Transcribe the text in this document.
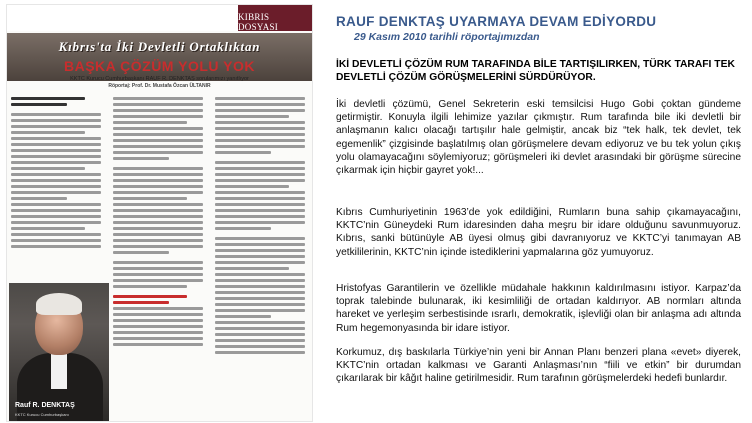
KIBRIS DOSYASI
Kıbrıs'ta İki Devletli Ortaklıktan
BAŞKA ÇÖZÜM YOLU YOK
KKTC Kurucu Cumhurbaşkanı RAUF R. DENKTAŞ sorularımızı yanıtlıyor
Röportaj: Prof. Dr. Mustafa Özcan ÜLTANIR
Rauf R. DENKTAŞ
KKTC Kurucu Cumhurbaşkanı
RAUF DENKTAŞ UYARMAYA DEVAM EDİYORDU
29 Kasım 2010 tarihli röportajımızdan
İKİ DEVLETLİ ÇÖZÜM RUM TARAFINDA BİLE TARTIŞILIRKEN, TÜRK TARAFI TEK DEVLETLİ ÇÖZÜM GÖRÜŞMELERİNİ SÜRDÜRÜYOR.
İki devletli çözümü, Genel Sekreterin eski temsilcisi Hugo Gobi çoktan gündeme getirmiştir. Konuyla ilgili lehimize yazılar çıkmıştır. Rum tarafında bile iki devletli bir anlaşmanın kalıcı olacağı tartışılır hale gelmiştir, ancak biz “tek halk, tek devlet, tek egemenlik” çizgisinde başlatılmış olan görüşmelere devam ediyoruz ve bu tek yolun çıkış yolu olamayacağını söylemiyoruz; görüşmeleri iki devlet arasındaki bir görüşme sürecine çıkarmak için hiçbir gayret yok!...
Kıbrıs Cumhuriyetinin 1963’de yok edildiğini, Rumların buna sahip çıkamayacağını, KKTC’nin Güneydeki Rum idaresinden daha meşru bir idare olduğunu savunmuyoruz. Kıbrıs, sanki bütünüyle AB üyesi olmuş gibi davranıyoruz ve KKTC’yi tanımayan AB yetkililerinin, KKTC’nin içinde istediklerini yapmalarına göz yumuyoruz.
Hristofyas Garantilerin ve özellikle müdahale hakkının kaldırılmasını istiyor. Karpaz’da toprak talebinde bulunarak, iki kesimliliği de ortadan kaldırıyor. AB normları altında hareket ve yerleşim serbestisinde ısrarlı, demokratik, işlevliği olan bir anlaşma adı altında Rum hegemonyasında bir idare istiyor.
Korkumuz, dış baskılarla Türkiye’nin yeni bir Annan Planı benzeri plana «evet» diyerek, KKTC’nin ortadan kalkması ve Garanti Anlaşması’nın “fiili ve etkin” bir durumdan çıkarılarak bir kâğıt haline getirilmesidir. Rum tarafının görüşmelerdeki hedefi bunlardır.
